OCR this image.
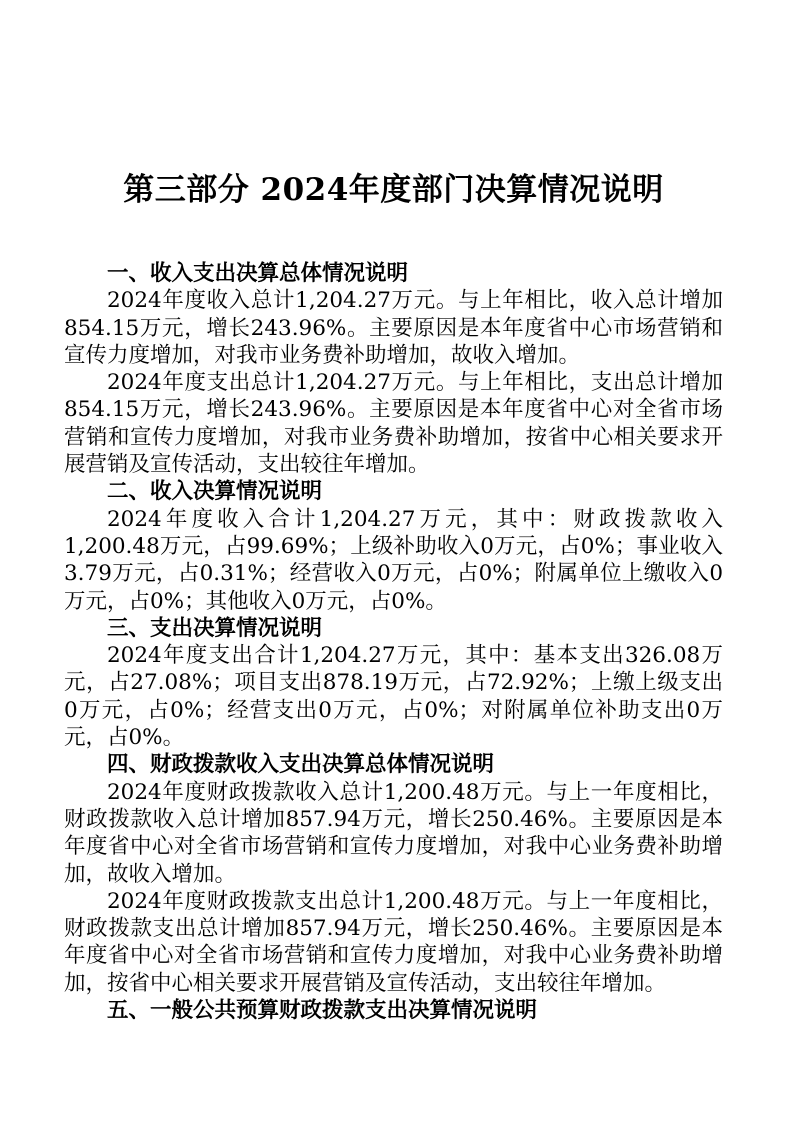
第三部分 2024年度部门决算情况说明
一、收入支出决算总体情况说明

2024年度收入总计1,204.27万元。与上年相比，收入总计增加854.15万元，增长243.96%。主要原因是本年度省中心市场营销和宣传力度增加，对我市业务费补助增加，故收入增加。

2024年度支出总计1,204.27万元。与上年相比，支出总计增加854.15万元，增长243.96%。主要原因是本年度省中心对全省市场营销和宣传力度增加，对我市业务费补助增加，按省中心相关要求开展营销及宣传活动，支出较往年增加。

二、收入决算情况说明

2024年度收入合计1,204.27万元，其中：财政拨款收入1,200.48万元，占99.69%；上级补助收入0万元，占0%；事业收入3.79万元，占0.31%；经营收入0万元，占0%；附属单位上缴收入0万元，占0%；其他收入0万元，占0%。

三、支出决算情况说明

2024年度支出合计1,204.27万元，其中：基本支出326.08万元，占27.08%；项目支出878.19万元，占72.92%；上缴上级支出0万元，占0%；经营支出0万元，占0%；对附属单位补助支出0万元，占0%。

四、财政拨款收入支出决算总体情况说明

2024年度财政拨款收入总计1,200.48万元。与上一年度相比，财政拨款收入总计增加857.94万元，增长250.46%。主要原因是本年度省中心对全省市场营销和宣传力度增加，对我中心业务费补助增加，故收入增加。

2024年度财政拨款支出总计1,200.48万元。与上一年度相比，财政拨款支出总计增加857.94万元，增长250.46%。主要原因是本年度省中心对全省市场营销和宣传力度增加，对我中心业务费补助增加，按省中心相关要求开展营销及宣传活动，支出较往年增加。

五、一般公共预算财政拨款支出决算情况说明
